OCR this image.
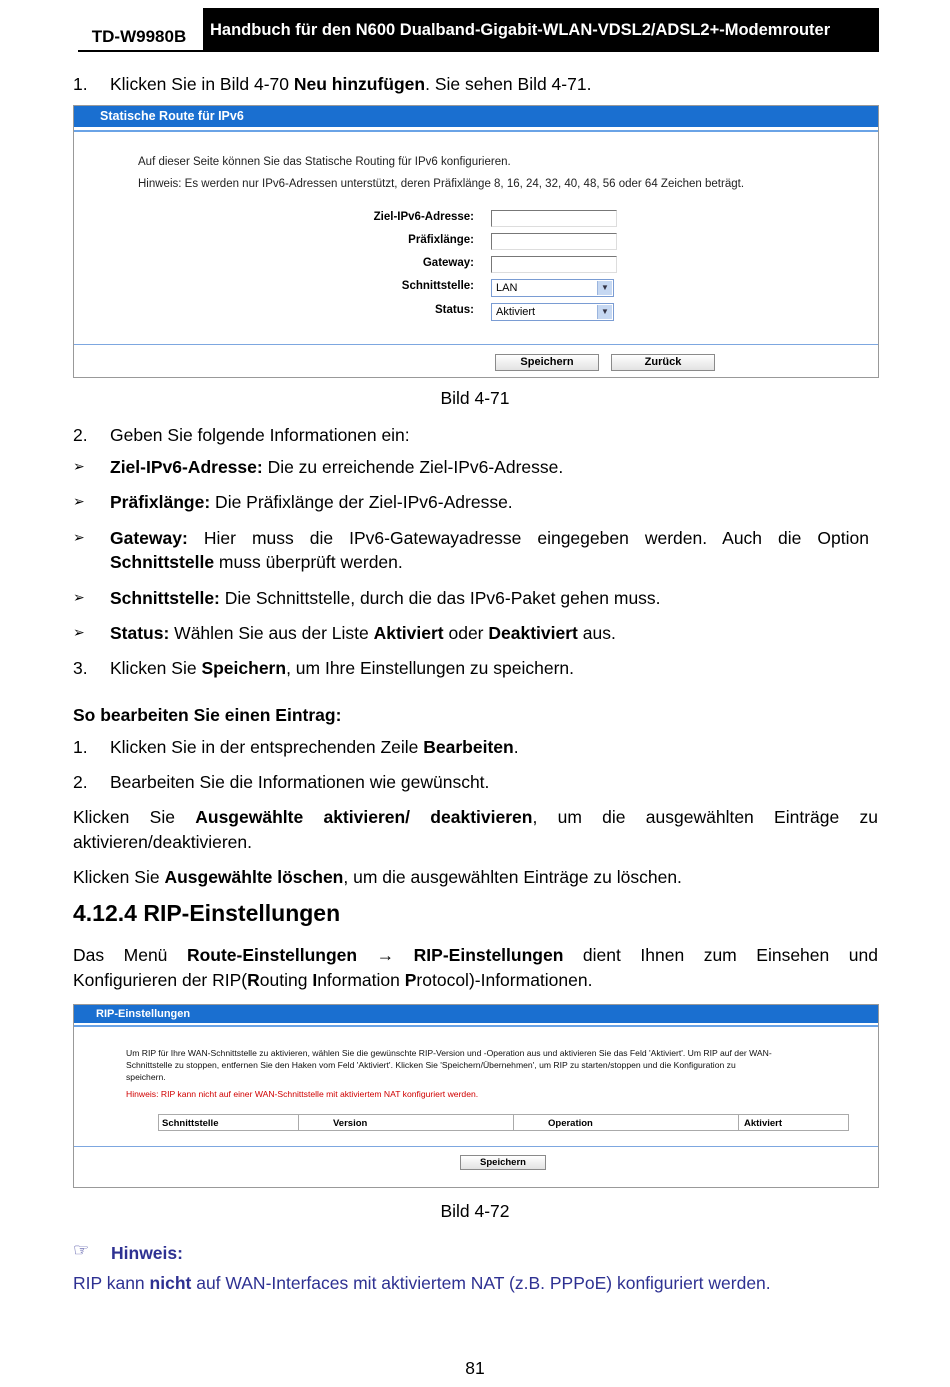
TD-W9980B	Handbuch für den N600 Dualband-Gigabit-WLAN-VDSL2/ADSL2+-Modemrouter
1. Klicken Sie in Bild 4-70 Neu hinzufügen. Sie sehen Bild 4-71.
Statische Route für IPv6
Auf dieser Seite können Sie das Statische Routing für IPv6 konfigurieren.
Hinweis: Es werden nur IPv6-Adressen unterstützt, deren Präfixlänge 8, 16, 24, 32, 40, 48, 56 oder 64 Zeichen beträgt.
Ziel-IPv6-Adresse:
Präfixlänge:
Gateway:
Schnittstelle:	LAN	▼
Status:	Aktiviert	▼
Speichern	Zurück
Bild 4-71
2. Geben Sie folgende Informationen ein:
➢ Ziel-IPv6-Adresse: Die zu erreichende Ziel-IPv6-Adresse.
➢ Präfixlänge: Die Präfixlänge der Ziel-IPv6-Adresse.
➢ Gateway: Hier muss die IPv6-Gatewayadresse eingegeben werden. Auch die Option
Schnittstelle muss überprüft werden.
➢ Schnittstelle: Die Schnittstelle, durch die das IPv6-Paket gehen muss.
➢ Status: Wählen Sie aus der Liste Aktiviert oder Deaktiviert aus.
3. Klicken Sie Speichern, um Ihre Einstellungen zu speichern.
So bearbeiten Sie einen Eintrag:
1. Klicken Sie in der entsprechenden Zeile Bearbeiten.
2. Bearbeiten Sie die Informationen wie gewünscht.
Klicken Sie Ausgewählte aktivieren/ deaktivieren, um die ausgewählten Einträge zu
aktivieren/deaktivieren.
Klicken Sie Ausgewählte löschen, um die ausgewählten Einträge zu löschen.
4.12.4 RIP-Einstellungen
Das Menü Route-Einstellungen → RIP-Einstellungen dient Ihnen zum Einsehen und
Konfigurieren der RIP(Routing Information Protocol)-Informationen.
RIP-Einstellungen
Um RIP für Ihre WAN-Schnittstelle zu aktivieren, wählen Sie die gewünschte RIP-Version und -Operation aus und aktivieren Sie das Feld 'Aktiviert'. Um RIP auf der WAN-
Schnittstelle zu stoppen, entfernen Sie den Haken vom Feld 'Aktiviert'. Klicken Sie 'Speichern/Übernehmen', um RIP zu starten/stoppen und die Konfiguration zu
speichern.
Hinweis: RIP kann nicht auf einer WAN-Schnittstelle mit aktiviertem NAT konfiguriert werden.
Schnittstelle	Version	Operation	Aktiviert
Speichern
Bild 4-72
☞ Hinweis:
RIP kann nicht auf WAN-Interfaces mit aktiviertem NAT (z.B. PPPoE) konfiguriert werden.
81
